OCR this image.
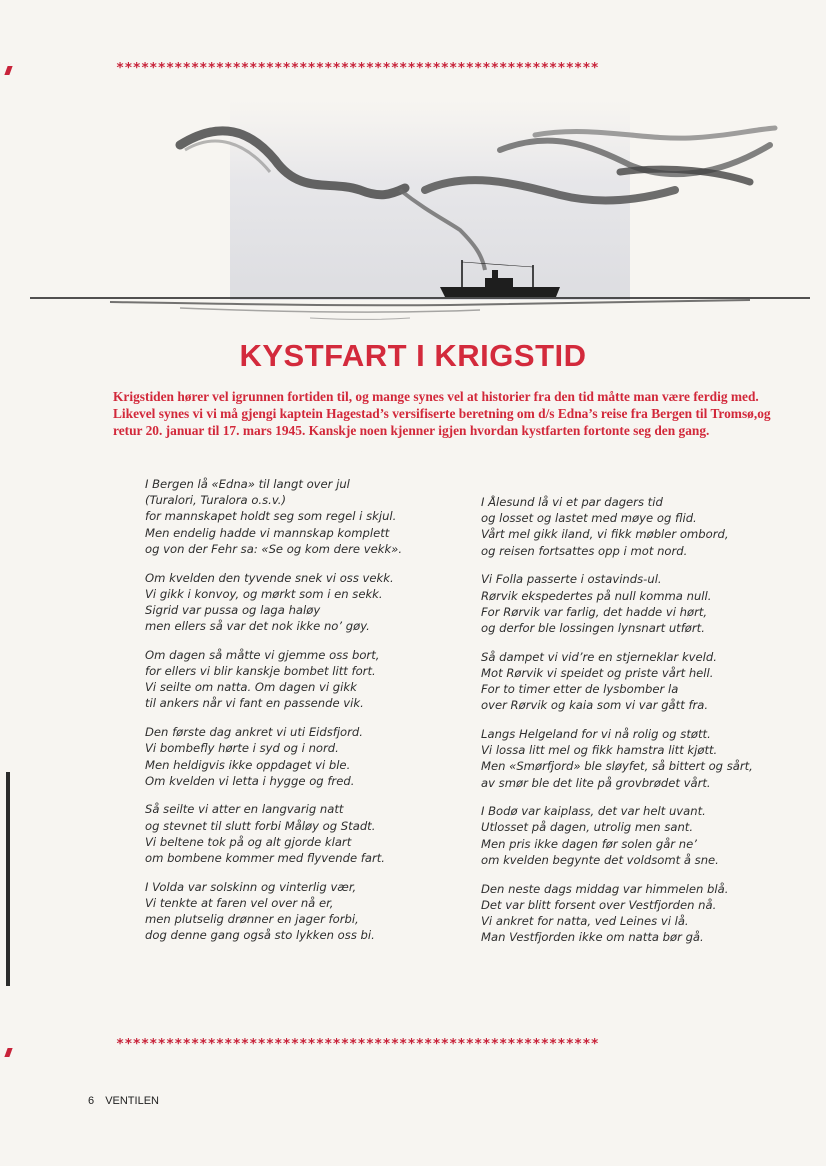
**********************************************************
KYSTFART I KRIGSTID

Krigstiden hører vel igrunnen fortiden til, og mange synes vel at historier fra den tid måtte man være ferdig med.

Likevel synes vi vi må gjengi kaptein Hagestad’s versifiserte beretning om d/s Edna’s reise fra Bergen til Tromsø,og

retur 20. januar til 17. mars 1945. Kanskje noen kjenner igjen hvordan kystfarten fortonte seg den gang.

I Bergen lå «Edna» til langt over jul
(Turalori, Turalora o.s.v.)
for mannskapet holdt seg som regel i skjul.
Men endelig hadde vi mannskap komplett
og von der Fehr sa: «Se og kom dere vekk».
Om kvelden den tyvende snek vi oss vekk.
Vi gikk i konvoy, og mørkt som i en sekk.
Sigrid var pussa og laga haløy
men ellers så var det nok ikke no’ gøy.
Om dagen så måtte vi gjemme oss bort,
for ellers vi blir kanskje bombet litt fort.
Vi seilte om natta. Om dagen vi gikk
til ankers når vi fant en passende vik.
Den første dag ankret vi uti Eidsfjord.
Vi bombefly hørte i syd og i nord.
Men heldigvis ikke oppdaget vi ble.
Om kvelden vi letta i hygge og fred.
Så seilte vi atter en langvarig natt
og stevnet til slutt forbi Måløy og Stadt.
Vi beltene tok på og alt gjorde klart
om bombene kommer med flyvende fart.
I Volda var solskinn og vinterlig vær,
Vi tenkte at faren vel over nå er,
men plutselig drønner en jager forbi,
dog denne gang også sto lykken oss bi.
I Ålesund lå vi et par dagers tid
og losset og lastet med møye og flid.
Vårt mel gikk iland, vi fikk møbler ombord,
og reisen fortsattes opp i mot nord.
Vi Folla passerte i ostavinds-ul.
Rørvik ekspedertes på null komma null.
For Rørvik var farlig, det hadde vi hørt,
og derfor ble lossingen lynsnart utført.
Så dampet vi vid’re en stjerneklar kveld.
Mot Rørvik vi speidet og priste vårt hell.
For to timer etter de lysbomber la
over Rørvik og kaia som vi var gått fra.
Langs Helgeland for vi nå rolig og støtt.
Vi lossa litt mel og fikk hamstra litt kjøtt.
Men «Smørfjord» ble sløyfet, så bittert og sårt,
av smør ble det lite på grovbrødet vårt.
I Bodø var kaiplass, det var helt uvant.
Utlosset på dagen, utrolig men sant.
Men pris ikke dagen før solen går ne’
om kvelden begynte det voldsomt å sne.
Den neste dags middag var himmelen blå.
Det var blitt forsent over Vestfjorden nå.
Vi ankret for natta, ved Leines vi lå.
Man Vestfjorden ikke om natta bør gå.
**********************************************************
6 VENTILEN
